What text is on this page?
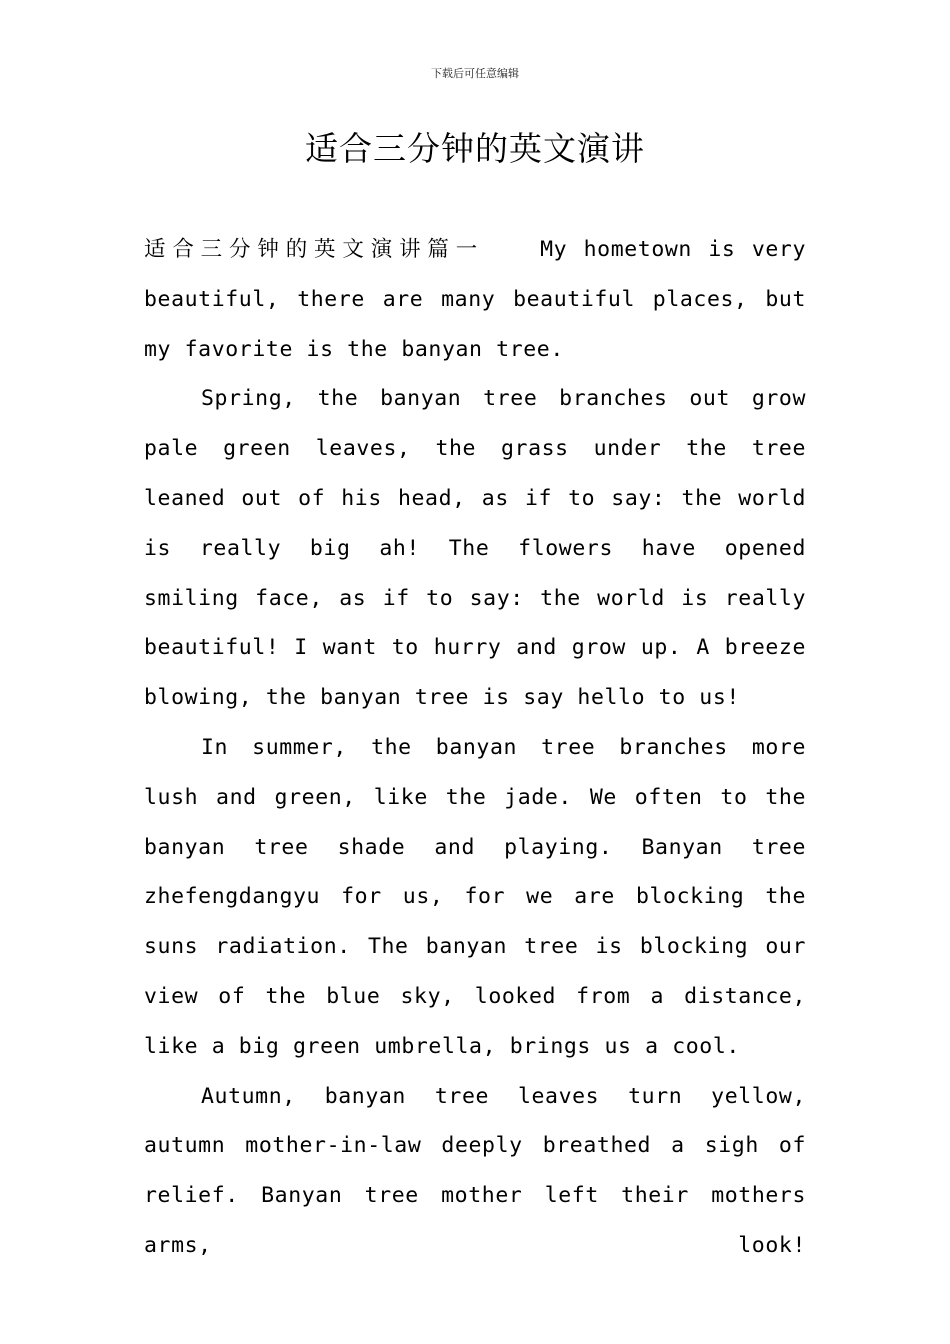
下载后可任意编辑
适合三分钟的英文演讲

适合三分钟的英文演讲篇一	My hometown is very beautiful, there are many beautiful places, but my favorite is the banyan tree.

Spring, the banyan tree branches out grow pale green leaves, the grass under the tree leaned out of his head, as if to say: the world is really big ah! The flowers have opened smiling face, as if to say: the world is really beautiful! I want to hurry and grow up. A breeze blowing, the banyan tree is say hello to us!

In summer, the banyan tree branches more lush and green, like the jade. We often to the banyan tree shade and playing. Banyan tree zhefengdangyu for us, for we are blocking the suns radiation. The banyan tree is blocking our view of the blue sky, looked from a distance, like a big green umbrella, brings us a cool.

Autumn, banyan tree leaves turn yellow, autumn mother-in-law deeply breathed a sigh of relief. Banyan tree mother left their mothers arms, look!
